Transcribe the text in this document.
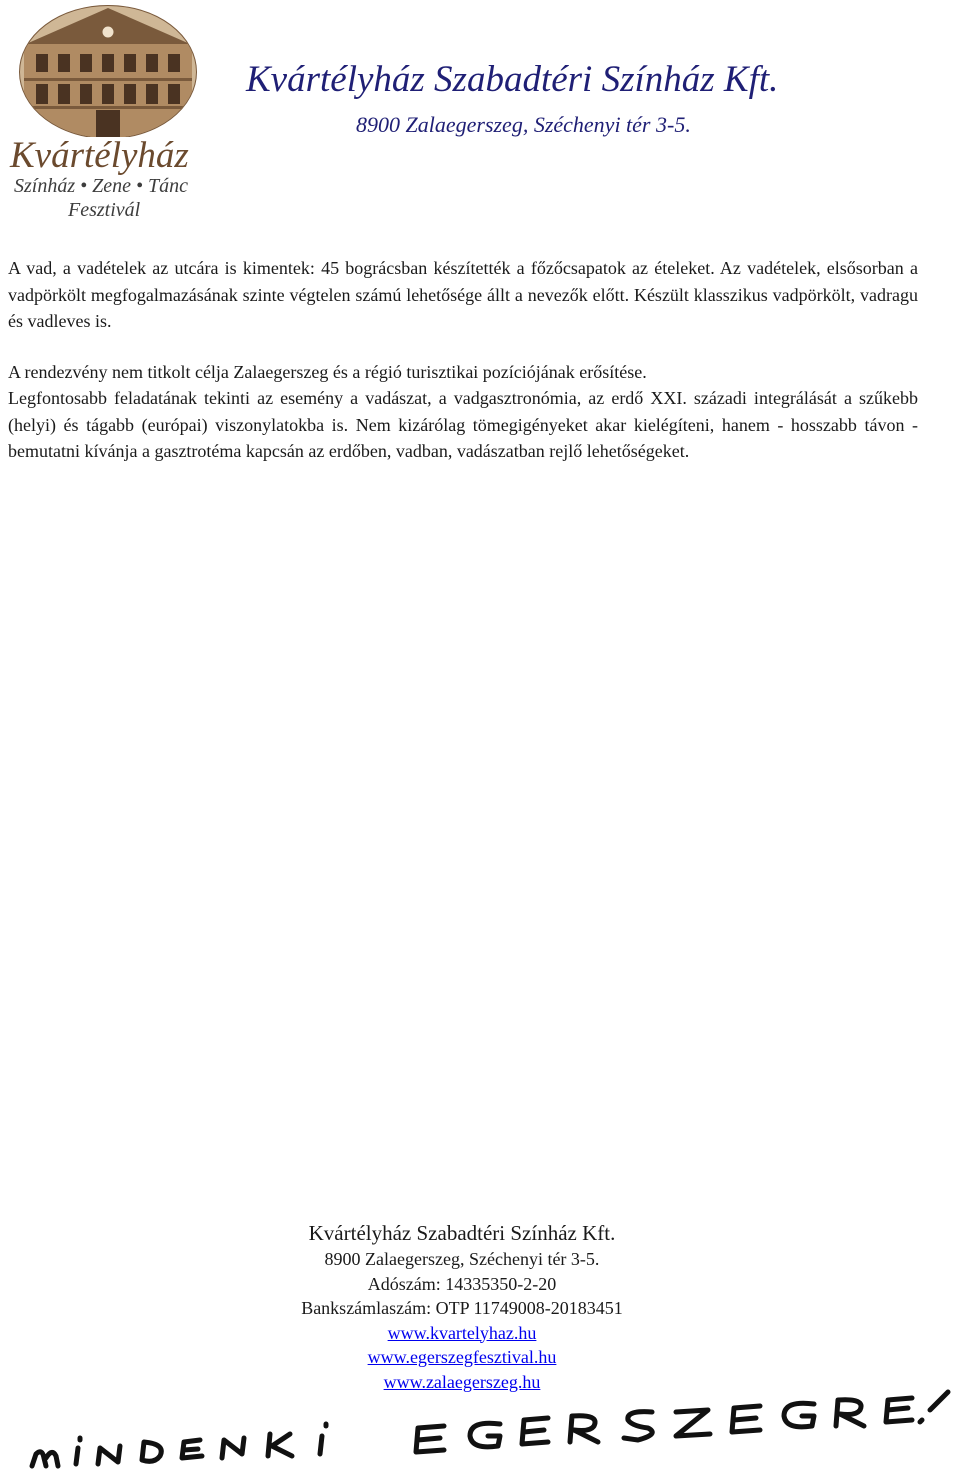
Kvártélyház
Színház • Zene • Tánc
Fesztivál
Kvártélyház Szabadtéri Színház Kft.
8900 Zalaegerszeg, Széchenyi tér 3-5.
A vad, a vadételek az utcára is kimentek: 45 bográcsban készítették a főzőcsapatok az ételeket. Az vadételek, elsősorban a vadpörkölt megfogalmazásának szinte végtelen számú lehetősége állt a nevezők előtt. Készült klasszikus vadpörkölt, vadragu és vadleves is.
A rendezvény nem titkolt célja Zalaegerszeg és a régió turisztikai pozíciójának erősítése.
Legfontosabb feladatának tekinti az esemény a vadászat, a vadgasztronómia, az erdő XXI. századi integrálását a szűkebb (helyi) és tágabb (európai) viszonylatokba is. Nem kizárólag tömegigényeket akar kielégíteni, hanem - hosszabb távon - bemutatni kívánja a gasztrotéma kapcsán az erdőben, vadban, vadászatban rejlő lehetőségeket.
Kvártélyház Szabadtéri Színház Kft.
8900 Zalaegerszeg, Széchenyi tér 3-5.
Adószám: 14335350-2-20
Bankszámlaszám: OTP 11749008-20183451
www.kvartelyhaz.hu
www.egerszegfesztival.hu
www.zalaegerszeg.hu
